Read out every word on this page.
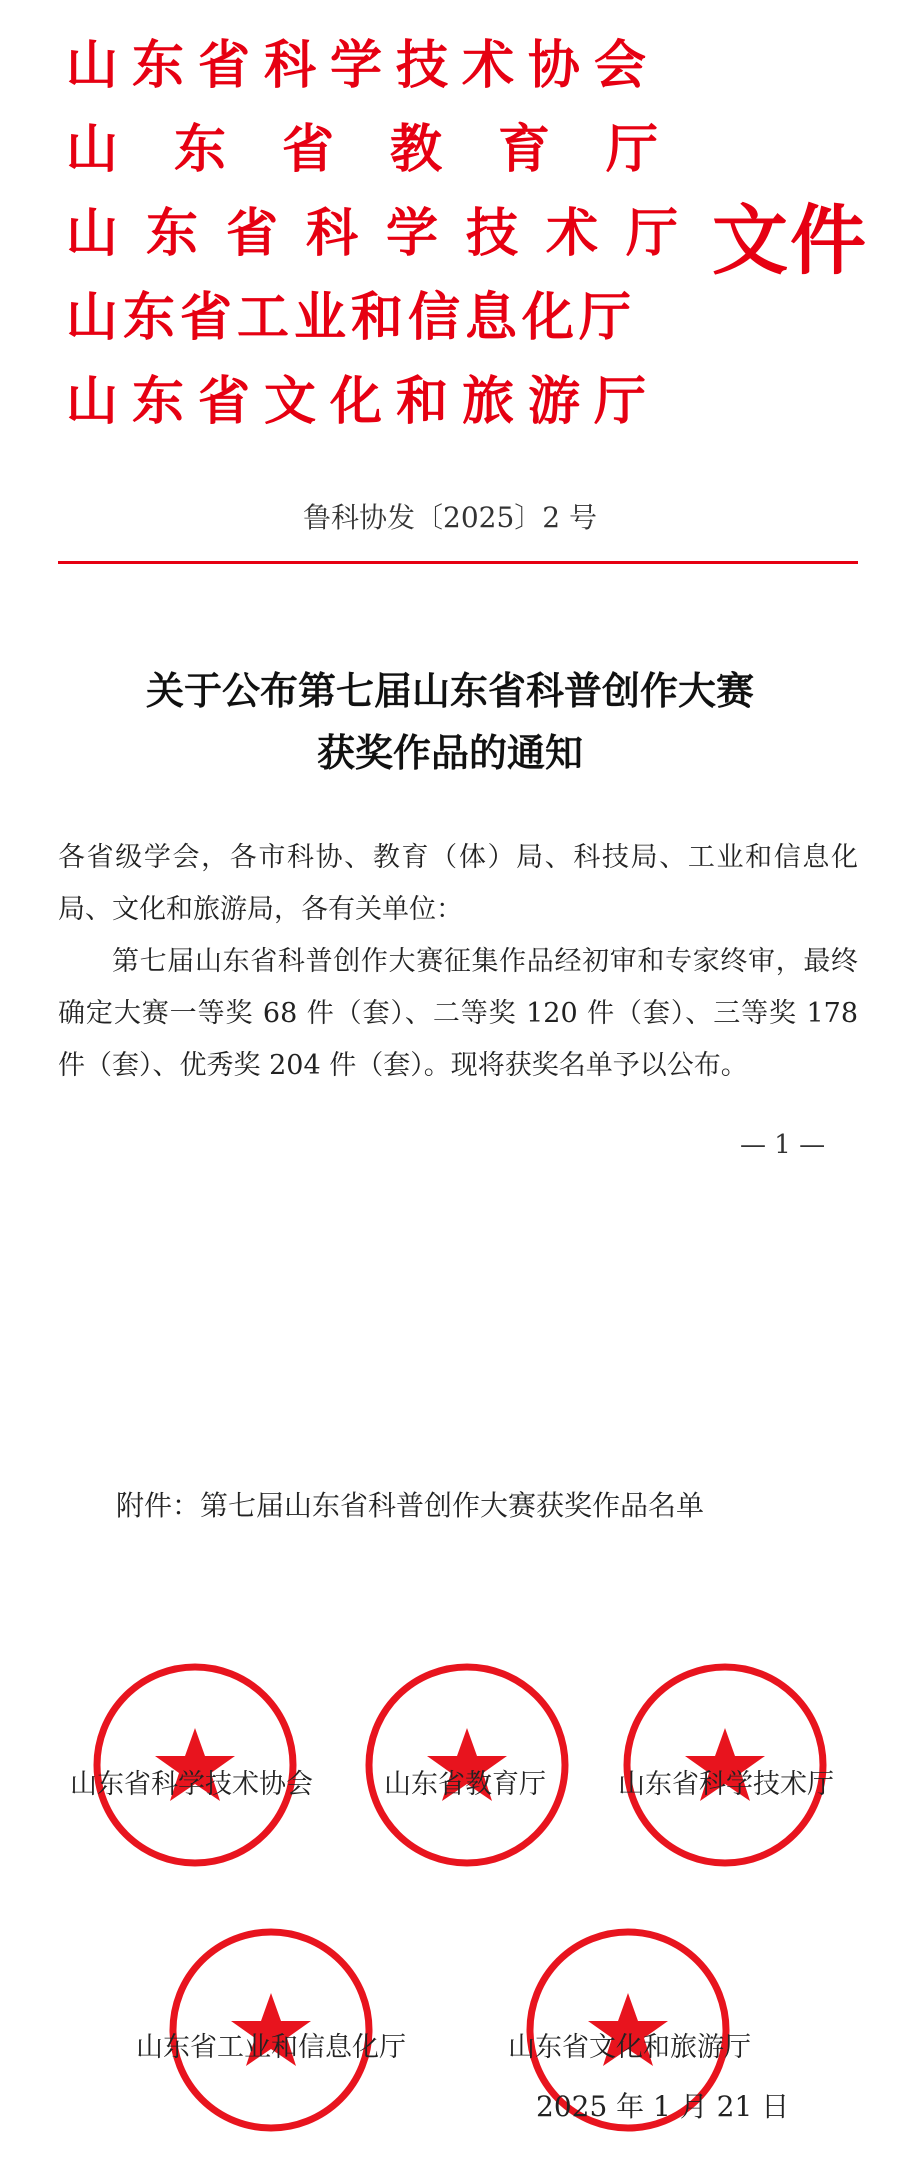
山东省科学技术协会
山东省教育厅
山东省科学技术厅
山东省工业和信息化厅
山东省文化和旅游厅
文件
鲁科协发〔2025〕2 号
关于公布第七届山东省科普创作大赛
获奖作品的通知

各省级学会，各市科协、教育（体）局、科技局、工业和信息化局、文化和旅游局，各有关单位：

第七届山东省科普创作大赛征集作品经初审和专家终审，最终确定大赛一等奖 68 件（套）、二等奖 120 件（套）、三等奖 178 件（套）、优秀奖 204 件（套）。现将获奖名单予以公布。

— 1 —
附件：第七届山东省科普创作大赛获奖作品名单
山东省科学技术协会	山东省教育厅	山东省科学技术厅
山东省工业和信息化厅	山东省文化和旅游厅
2025 年 1 月 21 日
